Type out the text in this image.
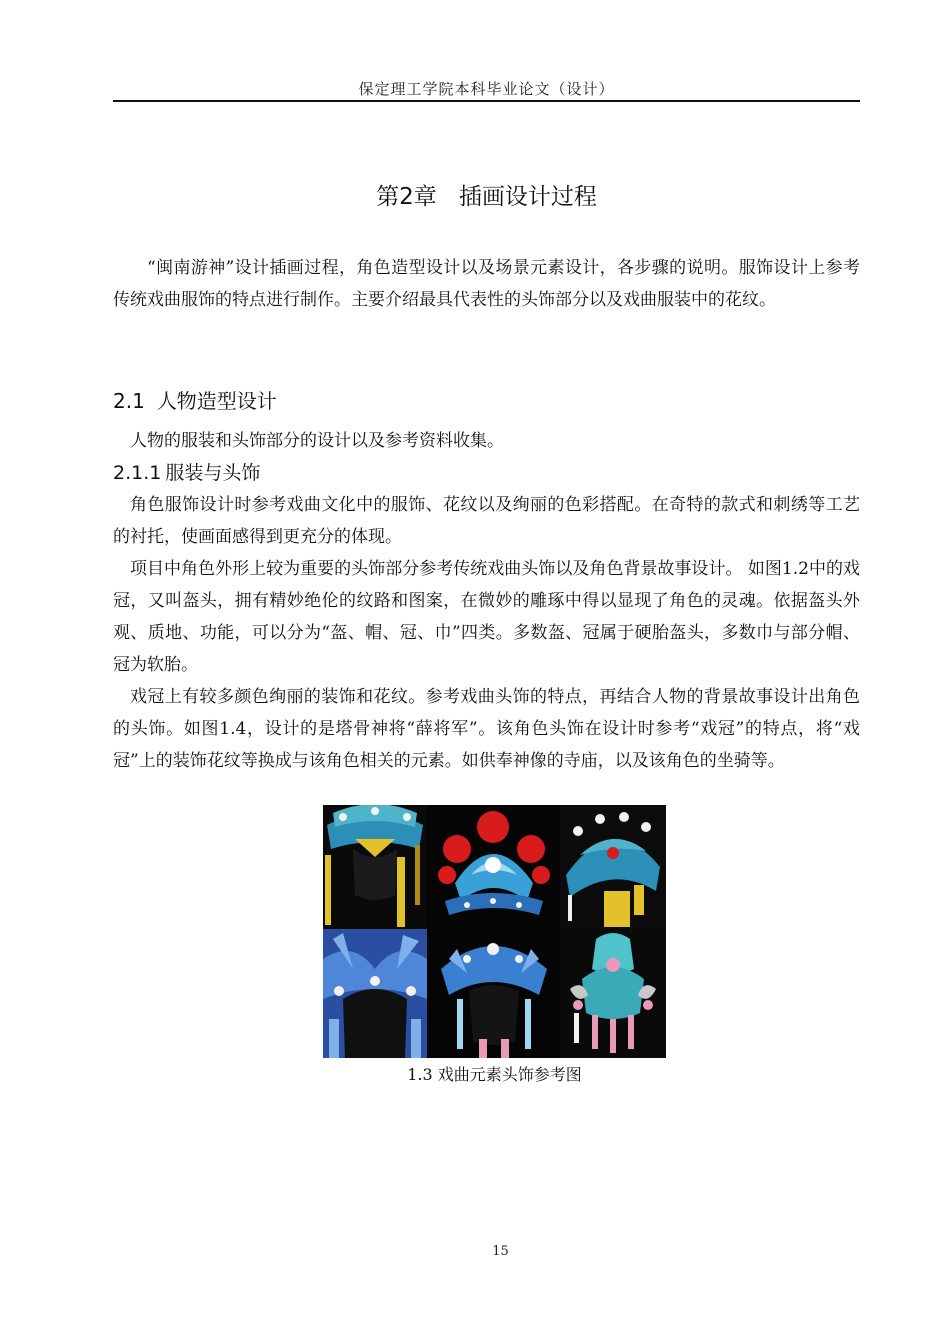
保定理工学院本科毕业论文（设计）
第2章 插画设计过程

“闽南游神”设计插画过程，角色造型设计以及场景元素设计，各步骤的说明。服饰设计上参考传统戏曲服饰的特点进行制作。主要介绍最具代表性的头饰部分以及戏曲服装中的花纹。

2.1 人物造型设计

人物的服装和头饰部分的设计以及参考资料收集。

2.1.1 服装与头饰

角色服饰设计时参考戏曲文化中的服饰、花纹以及绚丽的色彩搭配。在奇特的款式和刺绣等工艺的衬托，使画面感得到更充分的体现。

项目中角色外形上较为重要的头饰部分参考传统戏曲头饰以及角色背景故事设计。 如图1.2中的戏冠，又叫盔头，拥有精妙绝伦的纹路和图案，在微妙的雕琢中得以显现了角色的灵魂。依据盔头外观、质地、功能，可以分为“盔、帽、冠、巾”四类。多数盔、冠属于硬胎盔头，多数巾与部分帽、冠为软胎。

戏冠上有较多颜色绚丽的装饰和花纹。参考戏曲头饰的特点，再结合人物的背景故事设计出角色的头饰。如图1.4，设计的是塔骨神将“薛将军”。该角色头饰在设计时参考“戏冠”的特点，将“戏冠”上的装饰花纹等换成与该角色相关的元素。如供奉神像的寺庙，以及该角色的坐骑等。

1.3 戏曲元素头饰参考图
15
